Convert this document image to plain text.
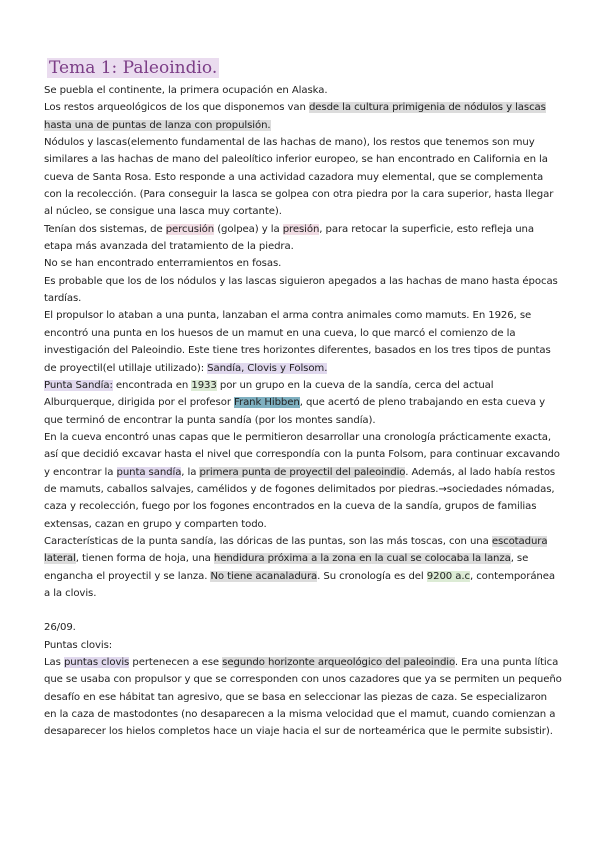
Tema 1: Paleoindio.

Se puebla el continente, la primera ocupación en Alaska.

Los restos arqueológicos de los que disponemos van desde la cultura primigenia de nódulos y lascas hasta una de puntas de lanza con propulsión.

Nódulos y lascas(elemento fundamental de las hachas de mano), los restos que tenemos son muy similares a las hachas de mano del paleolítico inferior europeo, se han encontrado en California en la cueva de Santa Rosa. Esto responde a una actividad cazadora muy elemental, que se complementa con la recolección. (Para conseguir la lasca se golpea con otra piedra por la cara superior, hasta llegar al núcleo, se consigue una lasca muy cortante).

Tenían dos sistemas, de percusión (golpea) y la presión, para retocar la superficie, esto refleja una etapa más avanzada del tratamiento de la piedra.

No se han encontrado enterramientos en fosas.

Es probable que los de los nódulos y las lascas siguieron apegados a las hachas de mano hasta épocas tardías.

El propulsor lo ataban a una punta, lanzaban el arma contra animales como mamuts. En 1926, se encontró una punta en los huesos de un mamut en una cueva, lo que marcó el comienzo de la investigación del Paleoindio. Este tiene tres horizontes diferentes, basados en los tres tipos de puntas de proyectil(el utillaje utilizado): Sandía, Clovis y Folsom.

Punta Sandía: encontrada en 1933 por un grupo en la cueva de la sandía, cerca del actual Alburquerque, dirigida por el profesor Frank Hibben, que acertó de pleno trabajando en esta cueva y que terminó de encontrar la punta sandía (por los montes sandía).

En la cueva encontró unas capas que le permitieron desarrollar una cronología prácticamente exacta, así que decidió excavar hasta el nivel que correspondía con la punta Folsom, para continuar excavando y encontrar la punta sandía, la primera punta de proyectil del paleoindio. Además, al lado había restos de mamuts, caballos salvajes, camélidos y de fogones delimitados por piedras.→sociedades nómadas, caza y recolección, fuego por los fogones encontrados en la cueva de la sandía, grupos de familias extensas, cazan en grupo y comparten todo.

Características de la punta sandía, las dóricas de las puntas, son las más toscas, con una escotadura lateral, tienen forma de hoja, una hendidura próxima a la zona en la cual se colocaba la lanza, se engancha el proyectil y se lanza. No tiene acanaladura. Su cronología es del 9200 a.c, contemporánea a la clovis.

26/09.

Puntas clovis:

Las puntas clovis pertenecen a ese segundo horizonte arqueológico del paleoindio. Era una punta lítica que se usaba con propulsor y que se corresponden con unos cazadores que ya se permiten un pequeño desafío en ese hábitat tan agresivo, que se basa en seleccionar las piezas de caza. Se especializaron en la caza de mastodontes (no desaparecen a la misma velocidad que el mamut, cuando comienzan a desaparecer los hielos completos hace un viaje hacia el sur de norteamérica que le permite subsistir).
